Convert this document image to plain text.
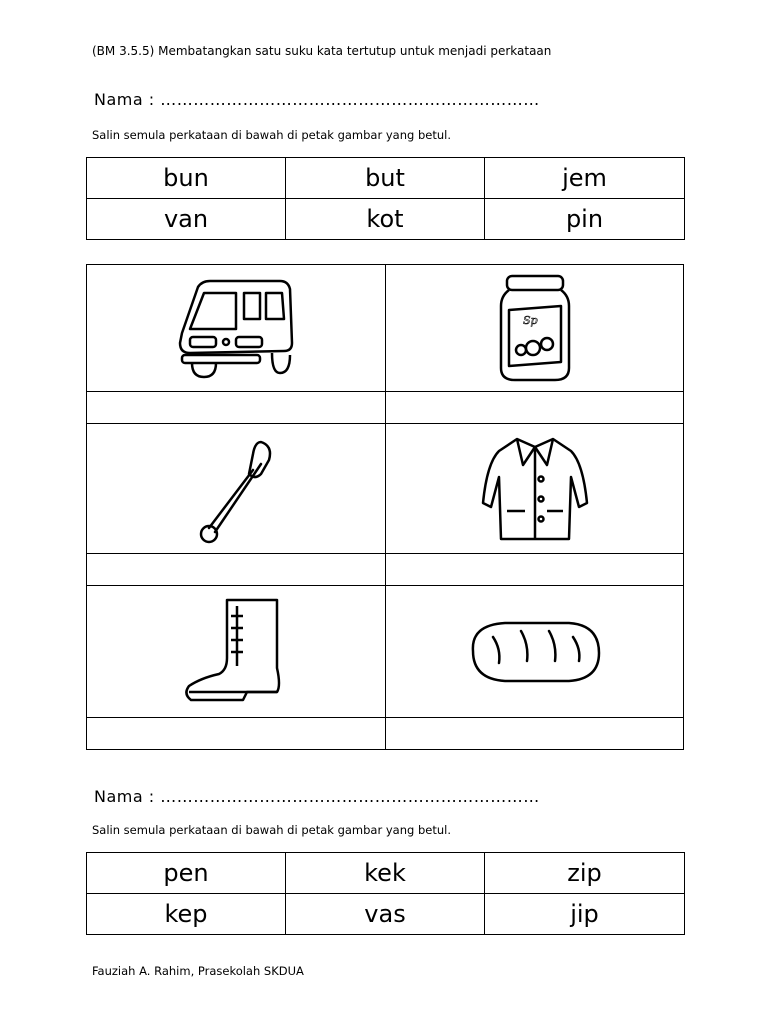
(BM 3.5.5) Membatangkan satu suku kata tertutup untuk menjadi perkataan
Nama : ……………………………………………………………
Salin semula perkataan di bawah di petak gambar yang betul.
bun	but	jem
van	kot	pin
Sp
Nama : ……………………………………………………………
Salin semula perkataan di bawah di petak gambar yang betul.
pen	kek	zip
kep	vas	jip
Fauziah A. Rahim, Prasekolah SKDUA
